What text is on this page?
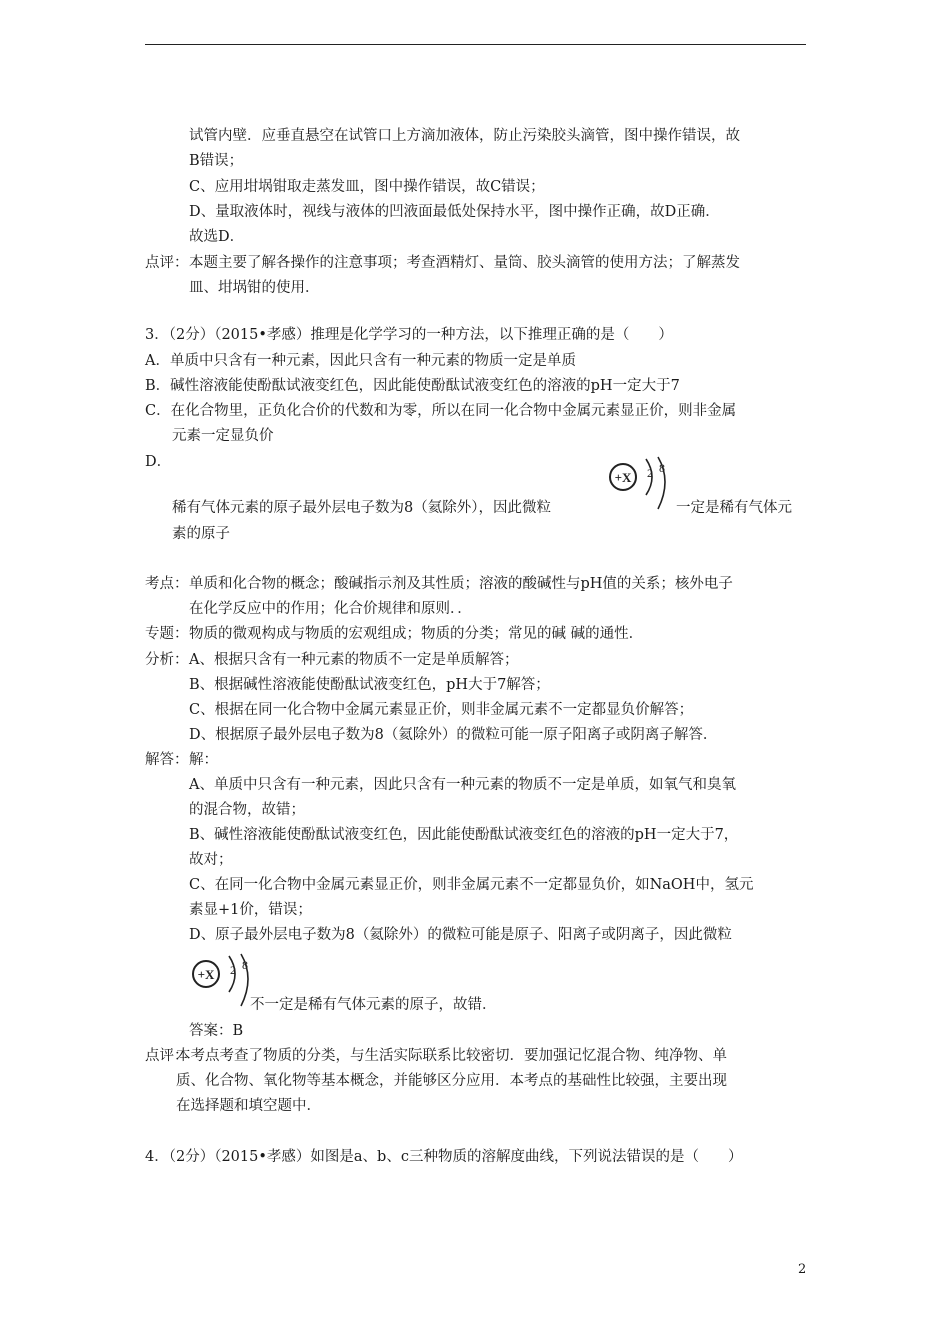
试管内壁．应垂直悬空在试管口上方滴加液体，防止污染胶头滴管，图中操作错误，故
B错误；
C、应用坩埚钳取走蒸发皿，图中操作错误，故C错误；
D、量取液体时，视线与液体的凹液面最低处保持水平，图中操作正确，故D正确．
故选D．
点评： 本题主要了解各操作的注意事项；考查酒精灯、量筒、胶头滴管的使用方法；了解蒸发
皿、坩埚钳的使用．
3．（2分）（2015•孝感）推理是化学学习的一种方法，以下推理正确的是（　　）
A．单质中只含有一种元素，因此只含有一种元素的物质一定是单质
B．碱性溶液能使酚酞试液变红色，因此能使酚酞试液变红色的溶液的pH一定大于7
C．在化合物里，正负化合价的代数和为零，所以在同一化合物中金属元素显正价，则非金属
元素一定显负价
D．
+X 2 8
稀有气体元素的原子最外层电子数为8（氦除外），因此微粒	一定是稀有气体元
素的原子
考点： 单质和化合物的概念；酸碱指示剂及其性质；溶液的酸碱性与pH值的关系；核外电子
在化学反应中的作用；化合价规律和原则．．
专题： 物质的微观构成与物质的宏观组成；物质的分类；常见的碱 碱的通性．
分析： A、根据只含有一种元素的物质不一定是单质解答；
B、根据碱性溶液能使酚酞试液变红色，pH大于7解答；
C、根据在同一化合物中金属元素显正价，则非金属元素不一定都显负价解答；
D、根据原子最外层电子数为8（氦除外）的微粒可能一原子阳离子或阴离子解答．
解答： 解：
A、单质中只含有一种元素，因此只含有一种元素的物质不一定是单质，如氧气和臭氧
的混合物，故错；
B、碱性溶液能使酚酞试液变红色，因此能使酚酞试液变红色的溶液的pH一定大于7，
故对；
C、在同一化合物中金属元素显正价，则非金属元素不一定都显负价，如NaOH中，氢元
素显+1价，错误；
D、原子最外层电子数为8（氦除外）的微粒可能是原子、阳离子或阴离子，因此微粒
+X 2 8
不一定是稀有气体元素的原子，故错．
答案：B
点评：
本考点考查了物质的分类，与生活实际联系比较密切．要加强记忆混合物、纯净物、单
质、化合物、氧化物等基本概念，并能够区分应用．本考点的基础性比较强，主要出现
在选择题和填空题中．
4．（2分）（2015•孝感）如图是a、b、c三种物质的溶解度曲线，下列说法错误的是（　　）
2
